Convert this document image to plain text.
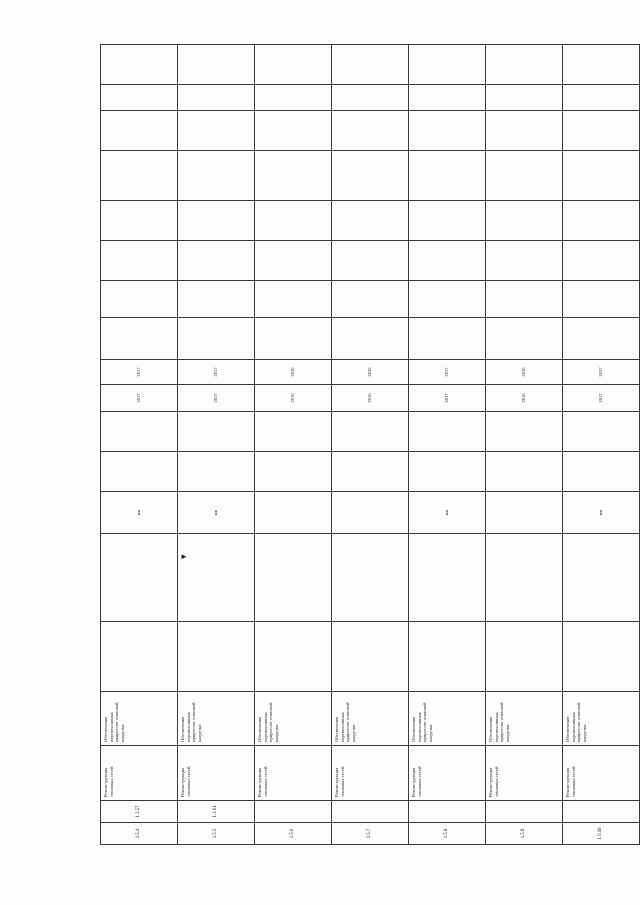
1.5.4	1.3.57	Реконструкция тепловых сетей	Обеспечение перспективных приростов тепловой нагрузки			мм			2017	2017								
1.5.5	1.3.61	Реконструкция тепловых сетей	Обеспечение перспективных приростов тепловой нагрузки			мм			2017	2017								
1.5.6		Реконструкция тепловых сетей	Обеспечение перспективных приростов тепловой нагрузки						2016	2016								
1.5.7		Реконструкция тепловых сетей	Обеспечение перспективных приростов тепловой нагрузки						2016	2016								
1.5.8		Реконструкция тепловых сетей	Обеспечение перспективных приростов тепловой нагрузки			мм			2017	2017								
1.5.9		Реконструкция тепловых сетей	Обеспечение перспективных приростов тепловой нагрузки						2016	2016								
1.5.10		Реконструкция тепловых сетей	Обеспечение перспективных приростов тепловой нагрузки			мм			2017	2017								
►
